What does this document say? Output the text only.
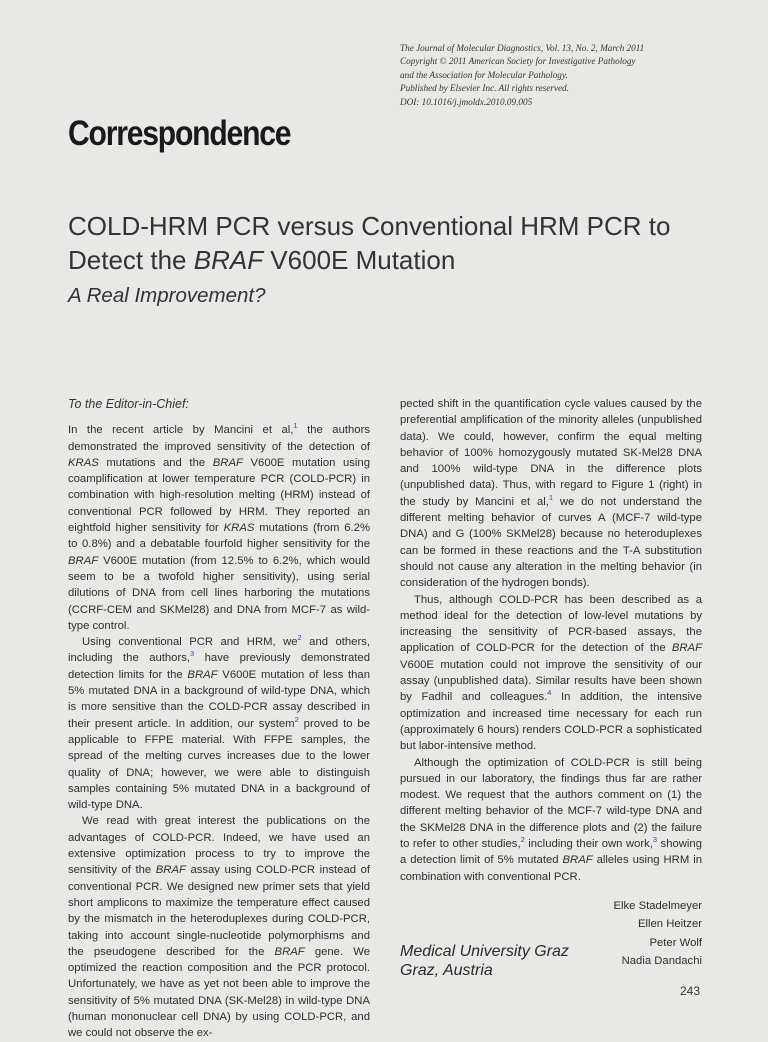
The Journal of Molecular Diagnostics, Vol. 13, No. 2, March 2011
Copyright © 2011 American Society for Investigative Pathology
and the Association for Molecular Pathology.
Published by Elsevier Inc. All rights reserved.
DOI: 10.1016/j.jmoldx.2010.09.005
Correspondence
COLD-HRM PCR versus Conventional HRM PCR to Detect the BRAF V600E Mutation
A Real Improvement?
To the Editor-in-Chief:

In the recent article by Mancini et al,$^1$ the authors demonstrated the improved sensitivity of the detection of KRAS mutations and the BRAF V600E mutation using coamplification at lower temperature PCR (COLD-PCR) in combination with high-resolution melting (HRM) instead of conventional PCR followed by HRM. They reported an eightfold higher sensitivity for KRAS mutations (from 6.2% to 0.8%) and a debatable fourfold higher sensitivity for the BRAF V600E mutation (from 12.5% to 6.2%, which would seem to be a twofold higher sensitivity), using serial dilutions of DNA from cell lines harboring the mutations (CCRF-CEM and SKMel28) and DNA from MCF-7 as wild-type control.

Using conventional PCR and HRM, $we^2$ and others, including the authors,$^3$ have previously demonstrated detection limits for the BRAF V600E mutation of less than 5% mutated DNA in a background of wild-type DNA, which is more sensitive than the COLD-PCR assay described in their present article. In addition, our system$^2$ proved to be applicable to FFPE material. With FFPE samples, the spread of the melting curves increases due to the lower quality of DNA; however, we were able to distinguish samples containing 5% mutated DNA in a background of wild-type DNA.

We read with great interest the publications on the advantages of COLD-PCR. Indeed, we have used an extensive optimization process to try to improve the sensitivity of the BRAF assay using COLD-PCR instead of conventional PCR. We designed new primer sets that yield short amplicons to maximize the temperature effect caused by the mismatch in the heteroduplexes during COLD-PCR, taking into account single-nucleotide polymorphisms and the pseudogene described for the BRAF gene. We optimized the reaction composition and the PCR protocol. Unfortunately, we have as yet not been able to improve the sensitivity of 5% mutated DNA (SK-Mel28) in wild-type DNA (human mononuclear cell DNA) by using COLD-PCR, and we could not observe the ex-

pected shift in the quantification cycle values caused by the preferential amplification of the minority alleles (unpublished data). We could, however, confirm the equal melting behavior of 100% homozygously mutated SK-Mel28 DNA and 100% wild-type DNA in the difference plots (unpublished data). Thus, with regard to Figure 1 (right) in the study by Mancini et al,$^1$ we do not understand the different melting behavior of curves A (MCF-7 wild-type DNA) and G (100% SKMel28) because no heteroduplexes can be formed in these reactions and the T-A substitution should not cause any alteration in the melting behavior (in consideration of the hydrogen bonds).

Thus, although COLD-PCR has been described as a method ideal for the detection of low-level mutations by increasing the sensitivity of PCR-based assays, the application of COLD-PCR for the detection of the BRAF V600E mutation could not improve the sensitivity of our assay (unpublished data). Similar results have been shown by Fadhil and colleagues.$^4$ In addition, the intensive optimization and increased time necessary for each run (approximately 6 hours) renders COLD-PCR a sophisticated but labor-intensive method.

Although the optimization of COLD-PCR is still being pursued in our laboratory, the findings thus far are rather modest. We request that the authors comment on (1) the different melting behavior of the MCF-7 wild-type DNA and the SKMel28 DNA in the difference plots and (2) the failure to refer to other studies,$^2$ including their own work,$^3$ showing a detection limit of 5% mutated BRAF alleles using HRM in combination with conventional PCR.

Elke Stadelmeyer
Ellen Heitzer
Peter Wolf
Nadia Dandachi
Medical University Graz
Graz, Austria
243
